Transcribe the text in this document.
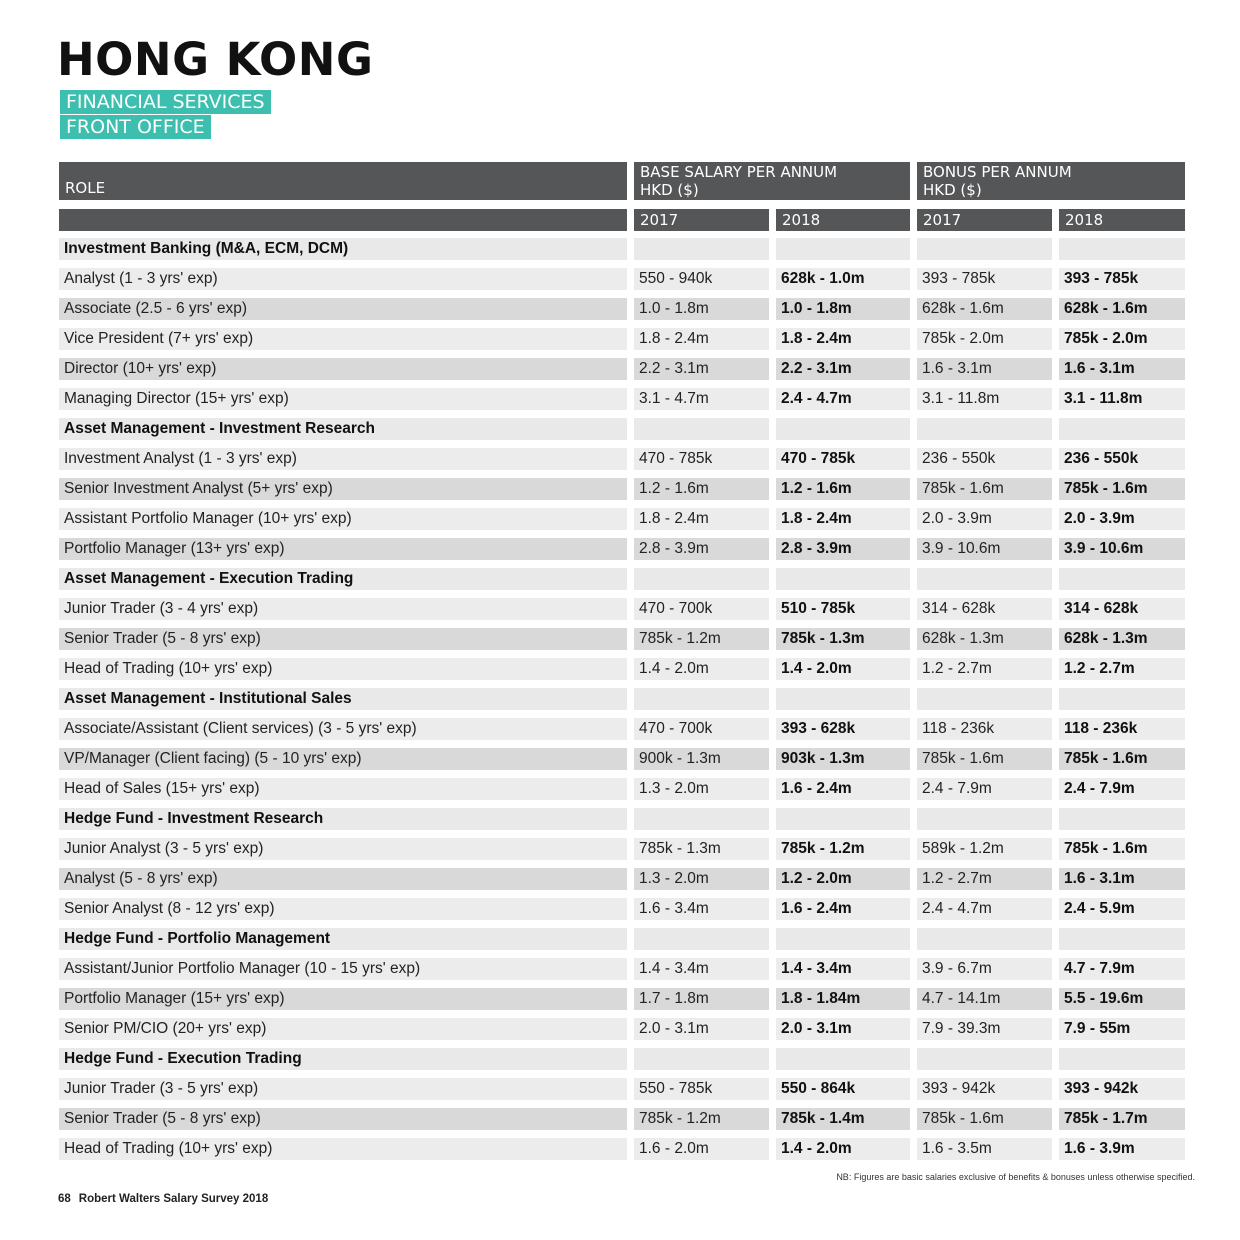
HONG KONG
FINANCIAL SERVICES
FRONT OFFICE
ROLE
BASE SALARY PER ANNUM
HKD ($)
BONUS PER ANNUM
HKD ($)
2017	2018	2017	2018
Investment Banking (M&A, ECM, DCM)
Analyst (1 - 3 yrs' exp)	550 - 940k	628k - 1.0m	393 - 785k	393 - 785k
Associate (2.5 - 6 yrs' exp)	1.0 - 1.8m	1.0 - 1.8m	628k - 1.6m	628k - 1.6m
Vice President (7+ yrs' exp)	1.8 - 2.4m	1.8 - 2.4m	785k - 2.0m	785k - 2.0m
Director (10+ yrs' exp)	2.2 - 3.1m	2.2 - 3.1m	1.6 - 3.1m	1.6 - 3.1m
Managing Director (15+ yrs' exp)	3.1 - 4.7m	2.4 - 4.7m	3.1 - 11.8m	3.1 - 11.8m
Asset Management - Investment Research
Investment Analyst (1 - 3 yrs' exp)	470 - 785k	470 - 785k	236 - 550k	236 - 550k
Senior Investment Analyst (5+ yrs' exp)	1.2 - 1.6m	1.2 - 1.6m	785k - 1.6m	785k - 1.6m
Assistant Portfolio Manager (10+ yrs' exp)	1.8 - 2.4m	1.8 - 2.4m	2.0 - 3.9m	2.0 - 3.9m
Portfolio Manager (13+ yrs' exp)	2.8 - 3.9m	2.8 - 3.9m	3.9 - 10.6m	3.9 - 10.6m
Asset Management - Execution Trading
Junior Trader (3 - 4 yrs' exp)	470 - 700k	510 - 785k	314 - 628k	314 - 628k
Senior Trader (5 - 8 yrs' exp)	785k - 1.2m	785k - 1.3m	628k - 1.3m	628k - 1.3m
Head of Trading (10+ yrs' exp)	1.4 - 2.0m	1.4 - 2.0m	1.2 - 2.7m	1.2 - 2.7m
Asset Management - Institutional Sales
Associate/Assistant (Client services) (3 - 5 yrs' exp)	470 - 700k	393 - 628k	118 - 236k	118 - 236k
VP/Manager (Client facing) (5 - 10 yrs' exp)	900k - 1.3m	903k - 1.3m	785k - 1.6m	785k - 1.6m
Head of Sales (15+ yrs' exp)	1.3 - 2.0m	1.6 - 2.4m	2.4 - 7.9m	2.4 - 7.9m
Hedge Fund - Investment Research
Junior Analyst (3 - 5 yrs' exp)	785k - 1.3m	785k - 1.2m	589k - 1.2m	785k - 1.6m
Analyst (5 - 8 yrs' exp)	1.3 - 2.0m	1.2 - 2.0m	1.2 - 2.7m	1.6 - 3.1m
Senior Analyst (8 - 12 yrs' exp)	1.6 - 3.4m	1.6 - 2.4m	2.4 - 4.7m	2.4 - 5.9m
Hedge Fund - Portfolio Management
Assistant/Junior Portfolio Manager (10 - 15 yrs' exp)	1.4 - 3.4m	1.4 - 3.4m	3.9 - 6.7m	4.7 - 7.9m
Portfolio Manager (15+ yrs' exp)	1.7 - 1.8m	1.8 - 1.84m	4.7 - 14.1m	5.5 - 19.6m
Senior PM/CIO (20+ yrs' exp)	2.0 - 3.1m	2.0 - 3.1m	7.9 - 39.3m	7.9 - 55m
Hedge Fund - Execution Trading
Junior Trader (3 - 5 yrs' exp)	550 - 785k	550 - 864k	393 - 942k	393 - 942k
Senior Trader (5 - 8 yrs' exp)	785k - 1.2m	785k - 1.4m	785k - 1.6m	785k - 1.7m
Head of Trading (10+ yrs' exp)	1.6 - 2.0m	1.4 - 2.0m	1.6 - 3.5m	1.6 - 3.9m
NB: Figures are basic salaries exclusive of benefits & bonuses unless otherwise specified.
68 Robert Walters Salary Survey 2018
